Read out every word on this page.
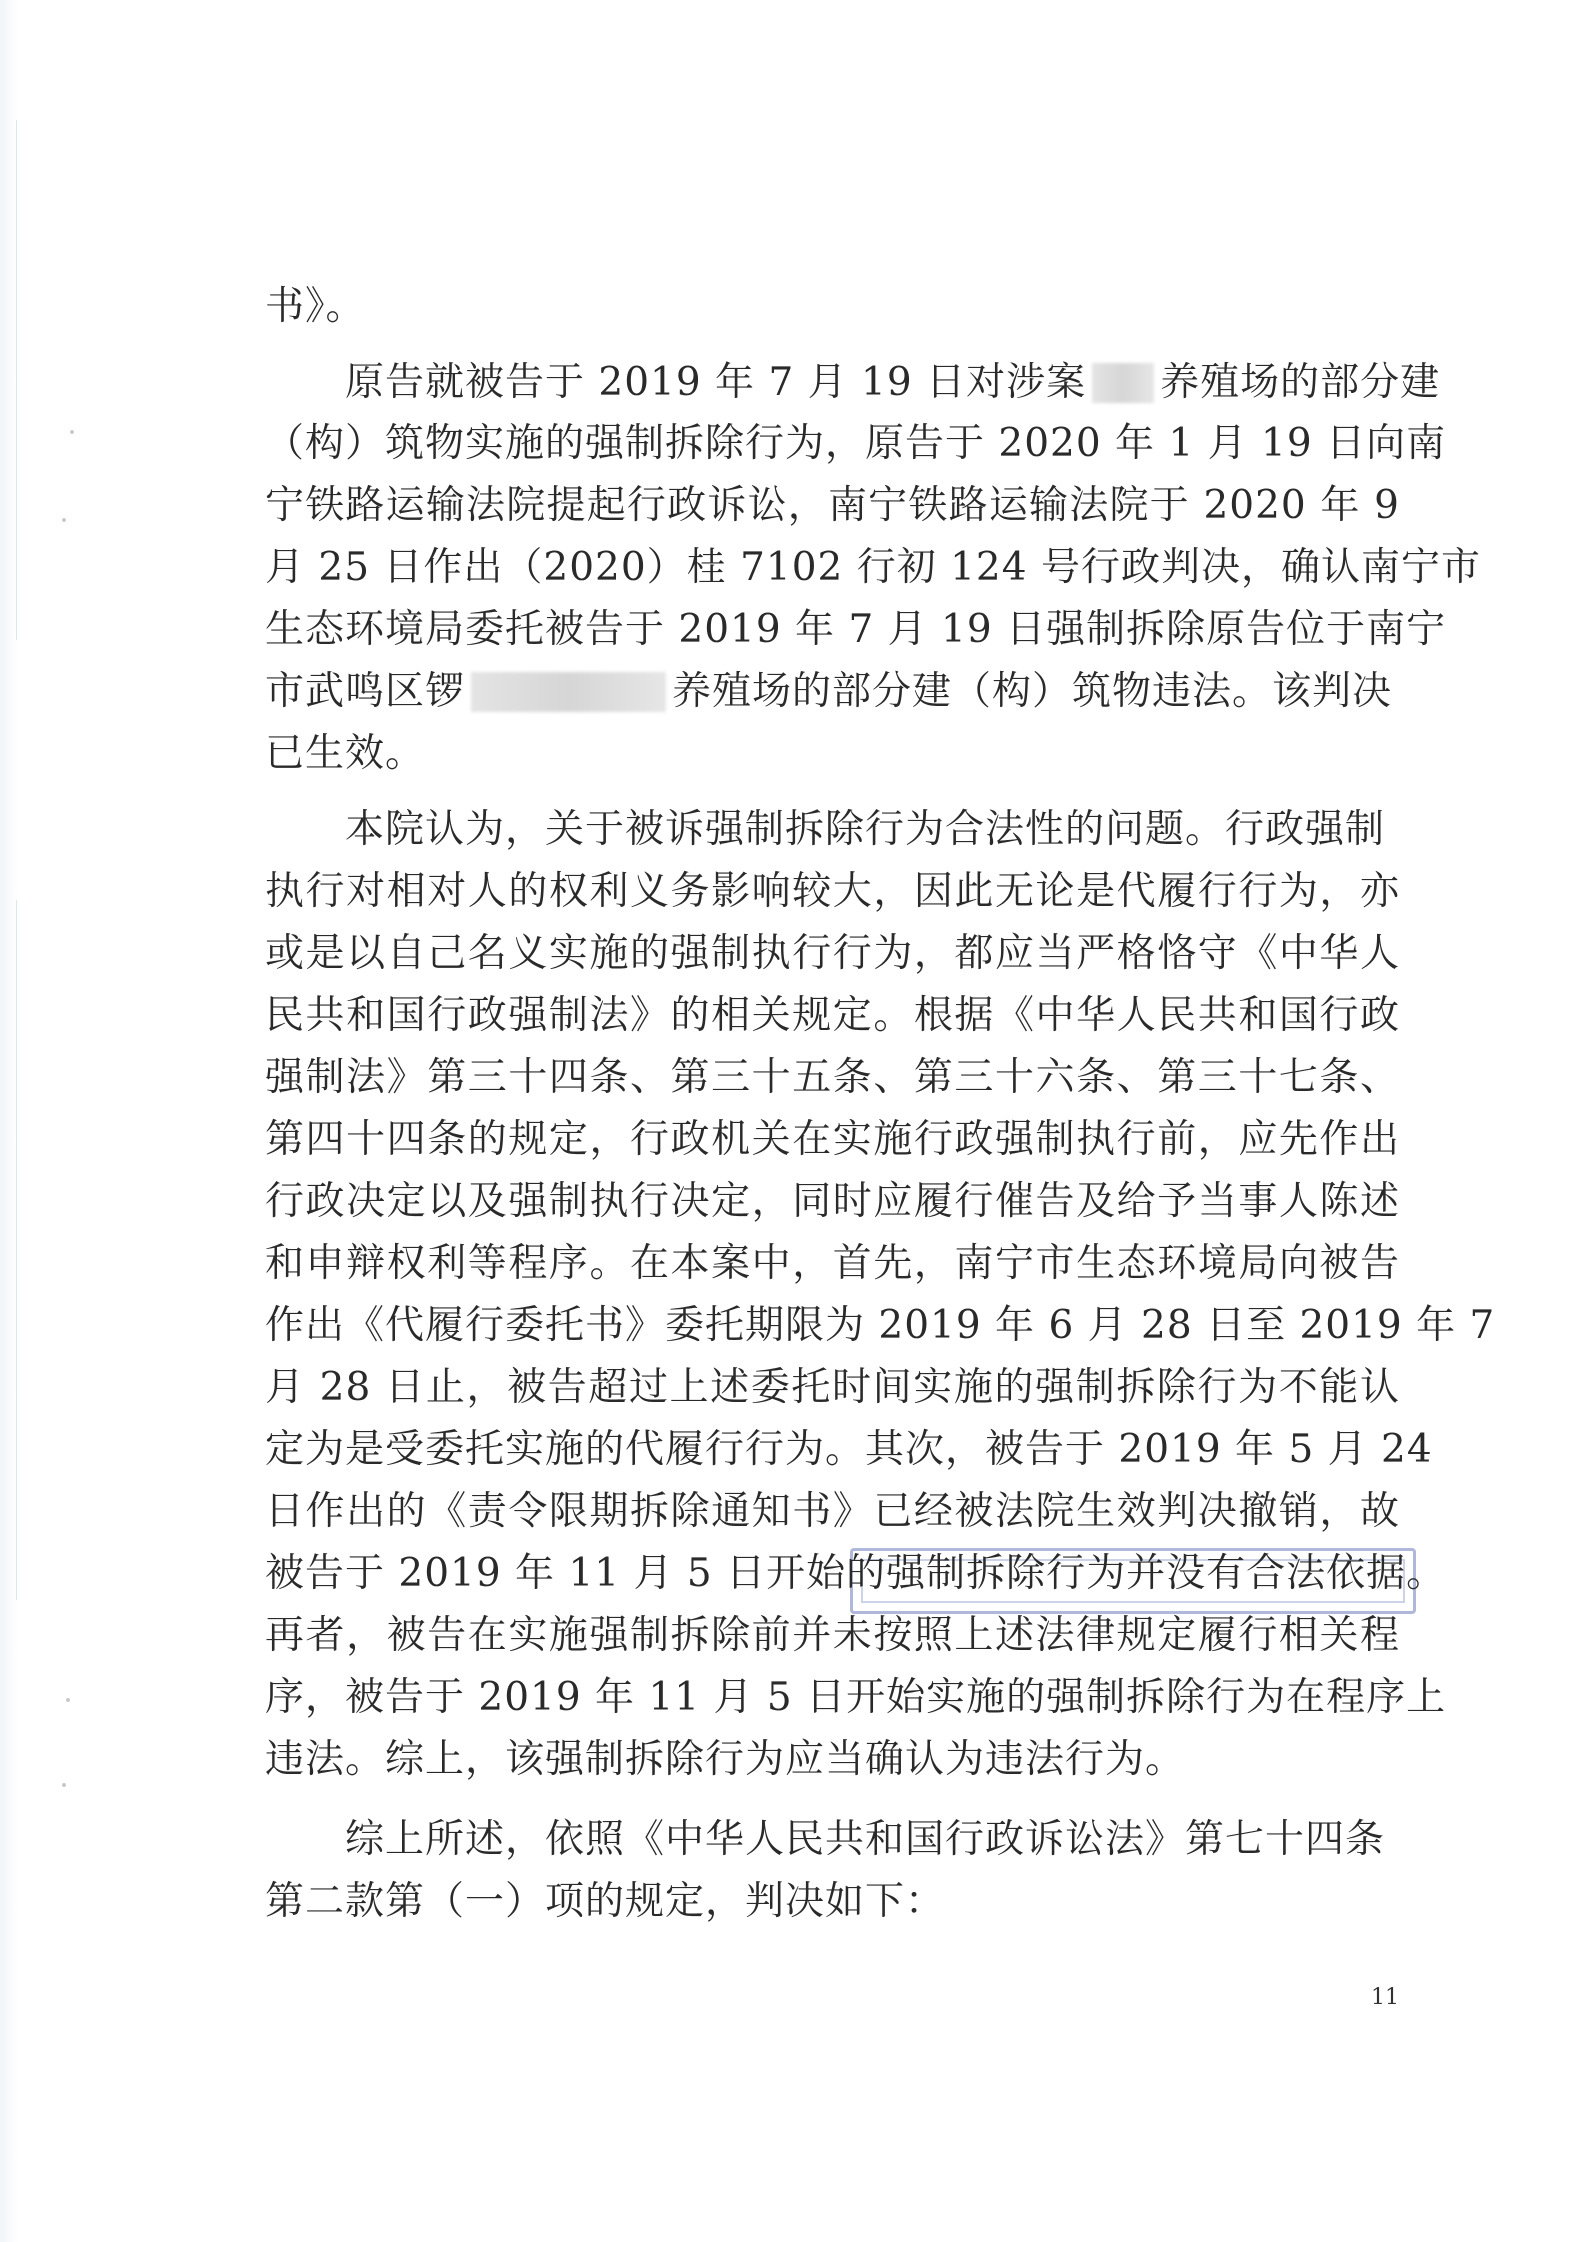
书》。
原告就被告于 2019 年 7 月 19 日对涉案 养殖场的部分建
（构）筑物实施的强制拆除行为，原告于 2020 年 1 月 19 日向南
宁铁路运输法院提起行政诉讼，南宁铁路运输法院于 2020 年 9
月 25 日作出（2020）桂 7102 行初 124 号行政判决，确认南宁市
生态环境局委托被告于 2019 年 7 月 19 日强制拆除原告位于南宁
市武鸣区锣	养殖场的部分建（构）筑物违法。该判决
已生效。
本院认为，关于被诉强制拆除行为合法性的问题。行政强制
执行对相对人的权利义务影响较大，因此无论是代履行行为，亦
或是以自己名义实施的强制执行行为，都应当严格恪守《中华人
民共和国行政强制法》的相关规定。根据《中华人民共和国行政
强制法》第三十四条、第三十五条、第三十六条、第三十七条、
第四十四条的规定，行政机关在实施行政强制执行前，应先作出
行政决定以及强制执行决定，同时应履行催告及给予当事人陈述
和申辩权利等程序。在本案中，首先，南宁市生态环境局向被告
作出《代履行委托书》委托期限为 2019 年 6 月 28 日至 2019 年 7
月 28 日止，被告超过上述委托时间实施的强制拆除行为不能认
定为是受委托实施的代履行行为。其次，被告于 2019 年 5 月 24
日作出的《责令限期拆除通知书》已经被法院生效判决撤销，故
被告于 2019 年 11 月 5 日开始的强制拆除行为并没有合法依据。
再者，被告在实施强制拆除前并未按照上述法律规定履行相关程
序，被告于 2019 年 11 月 5 日开始实施的强制拆除行为在程序上
违法。综上，该强制拆除行为应当确认为违法行为。
综上所述，依照《中华人民共和国行政诉讼法》第七十四条
第二款第（一）项的规定，判决如下：
11
